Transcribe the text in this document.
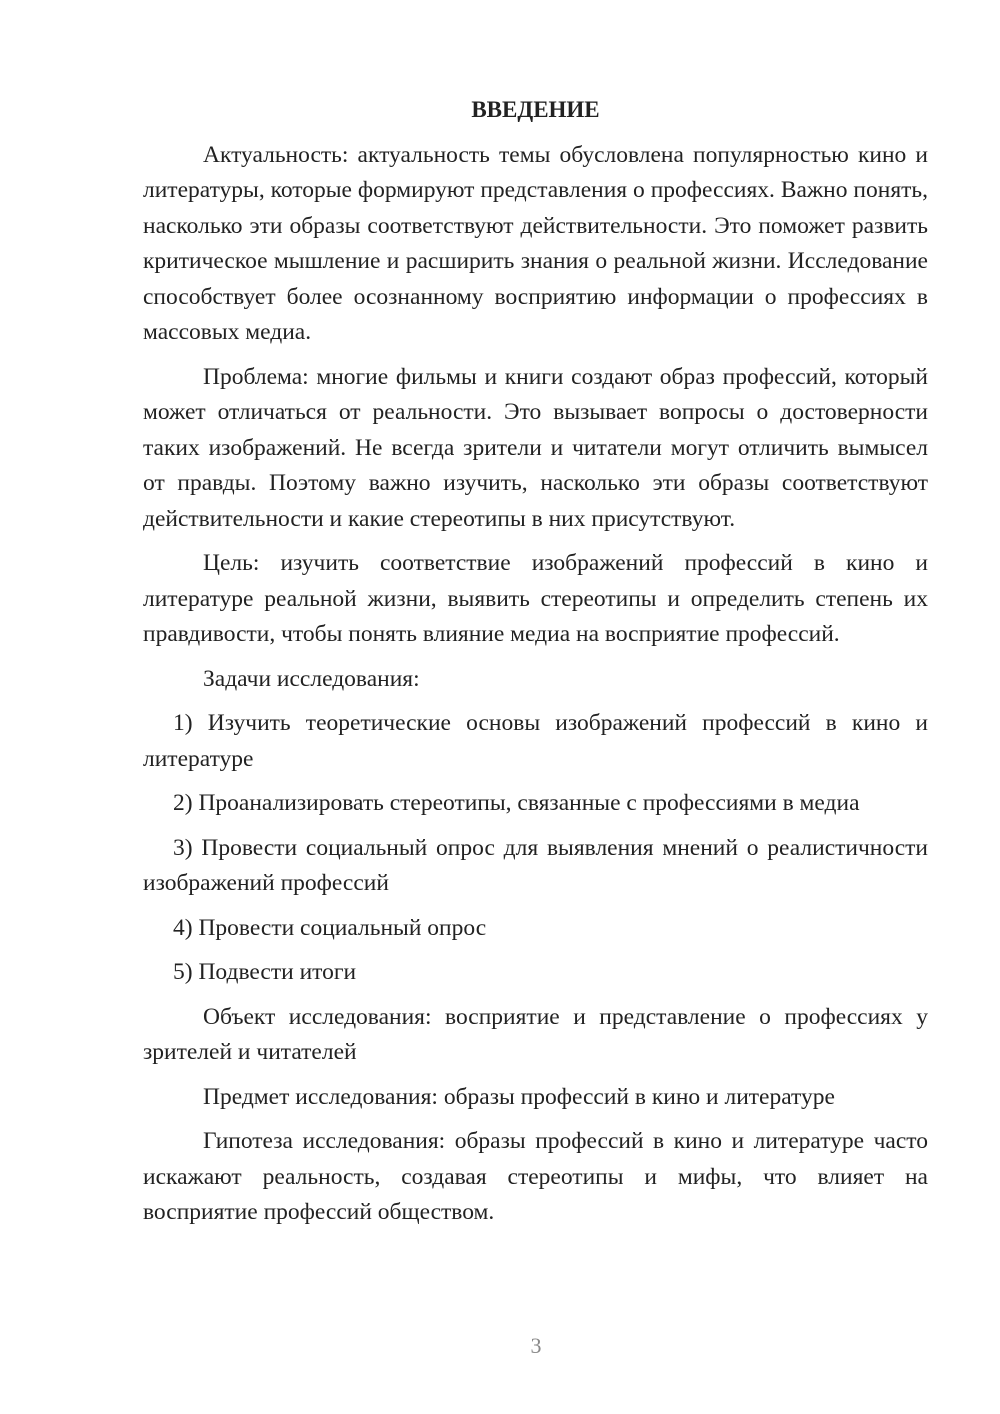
ВВЕДЕНИЕ

Актуальность: актуальность темы обусловлена популярностью кино и литературы, которые формируют представления о профессиях. Важно понять, насколько эти образы соответствуют действительности. Это поможет развить критическое мышление и расширить знания о реальной жизни. Исследование способствует более осознанному восприятию информации о профессиях в массовых медиа.

Проблема: многие фильмы и книги создают образ профессий, который может отличаться от реальности. Это вызывает вопросы о достоверности таких изображений. Не всегда зрители и читатели могут отличить вымысел от правды. Поэтому важно изучить, насколько эти образы соответствуют действительности и какие стереотипы в них присутствуют.

Цель: изучить соответствие изображений профессий в кино и литературе реальной жизни, выявить стереотипы и определить степень их правдивости, чтобы понять влияние медиа на восприятие профессий.

Задачи исследования:

1) Изучить теоретические основы изображений профессий в кино и литературе

2) Проанализировать стереотипы, связанные с профессиями в медиа

3) Провести социальный опрос для выявления мнений о реалистичности изображений профессий

4) Провести социальный опрос

5) Подвести итоги

Объект исследования: восприятие и представление о профессиях у зрителей и читателей

Предмет исследования: образы профессий в кино и литературе

Гипотеза исследования: образы профессий в кино и литературе часто искажают реальность, создавая стереотипы и мифы, что влияет на восприятие профессий обществом.

3
